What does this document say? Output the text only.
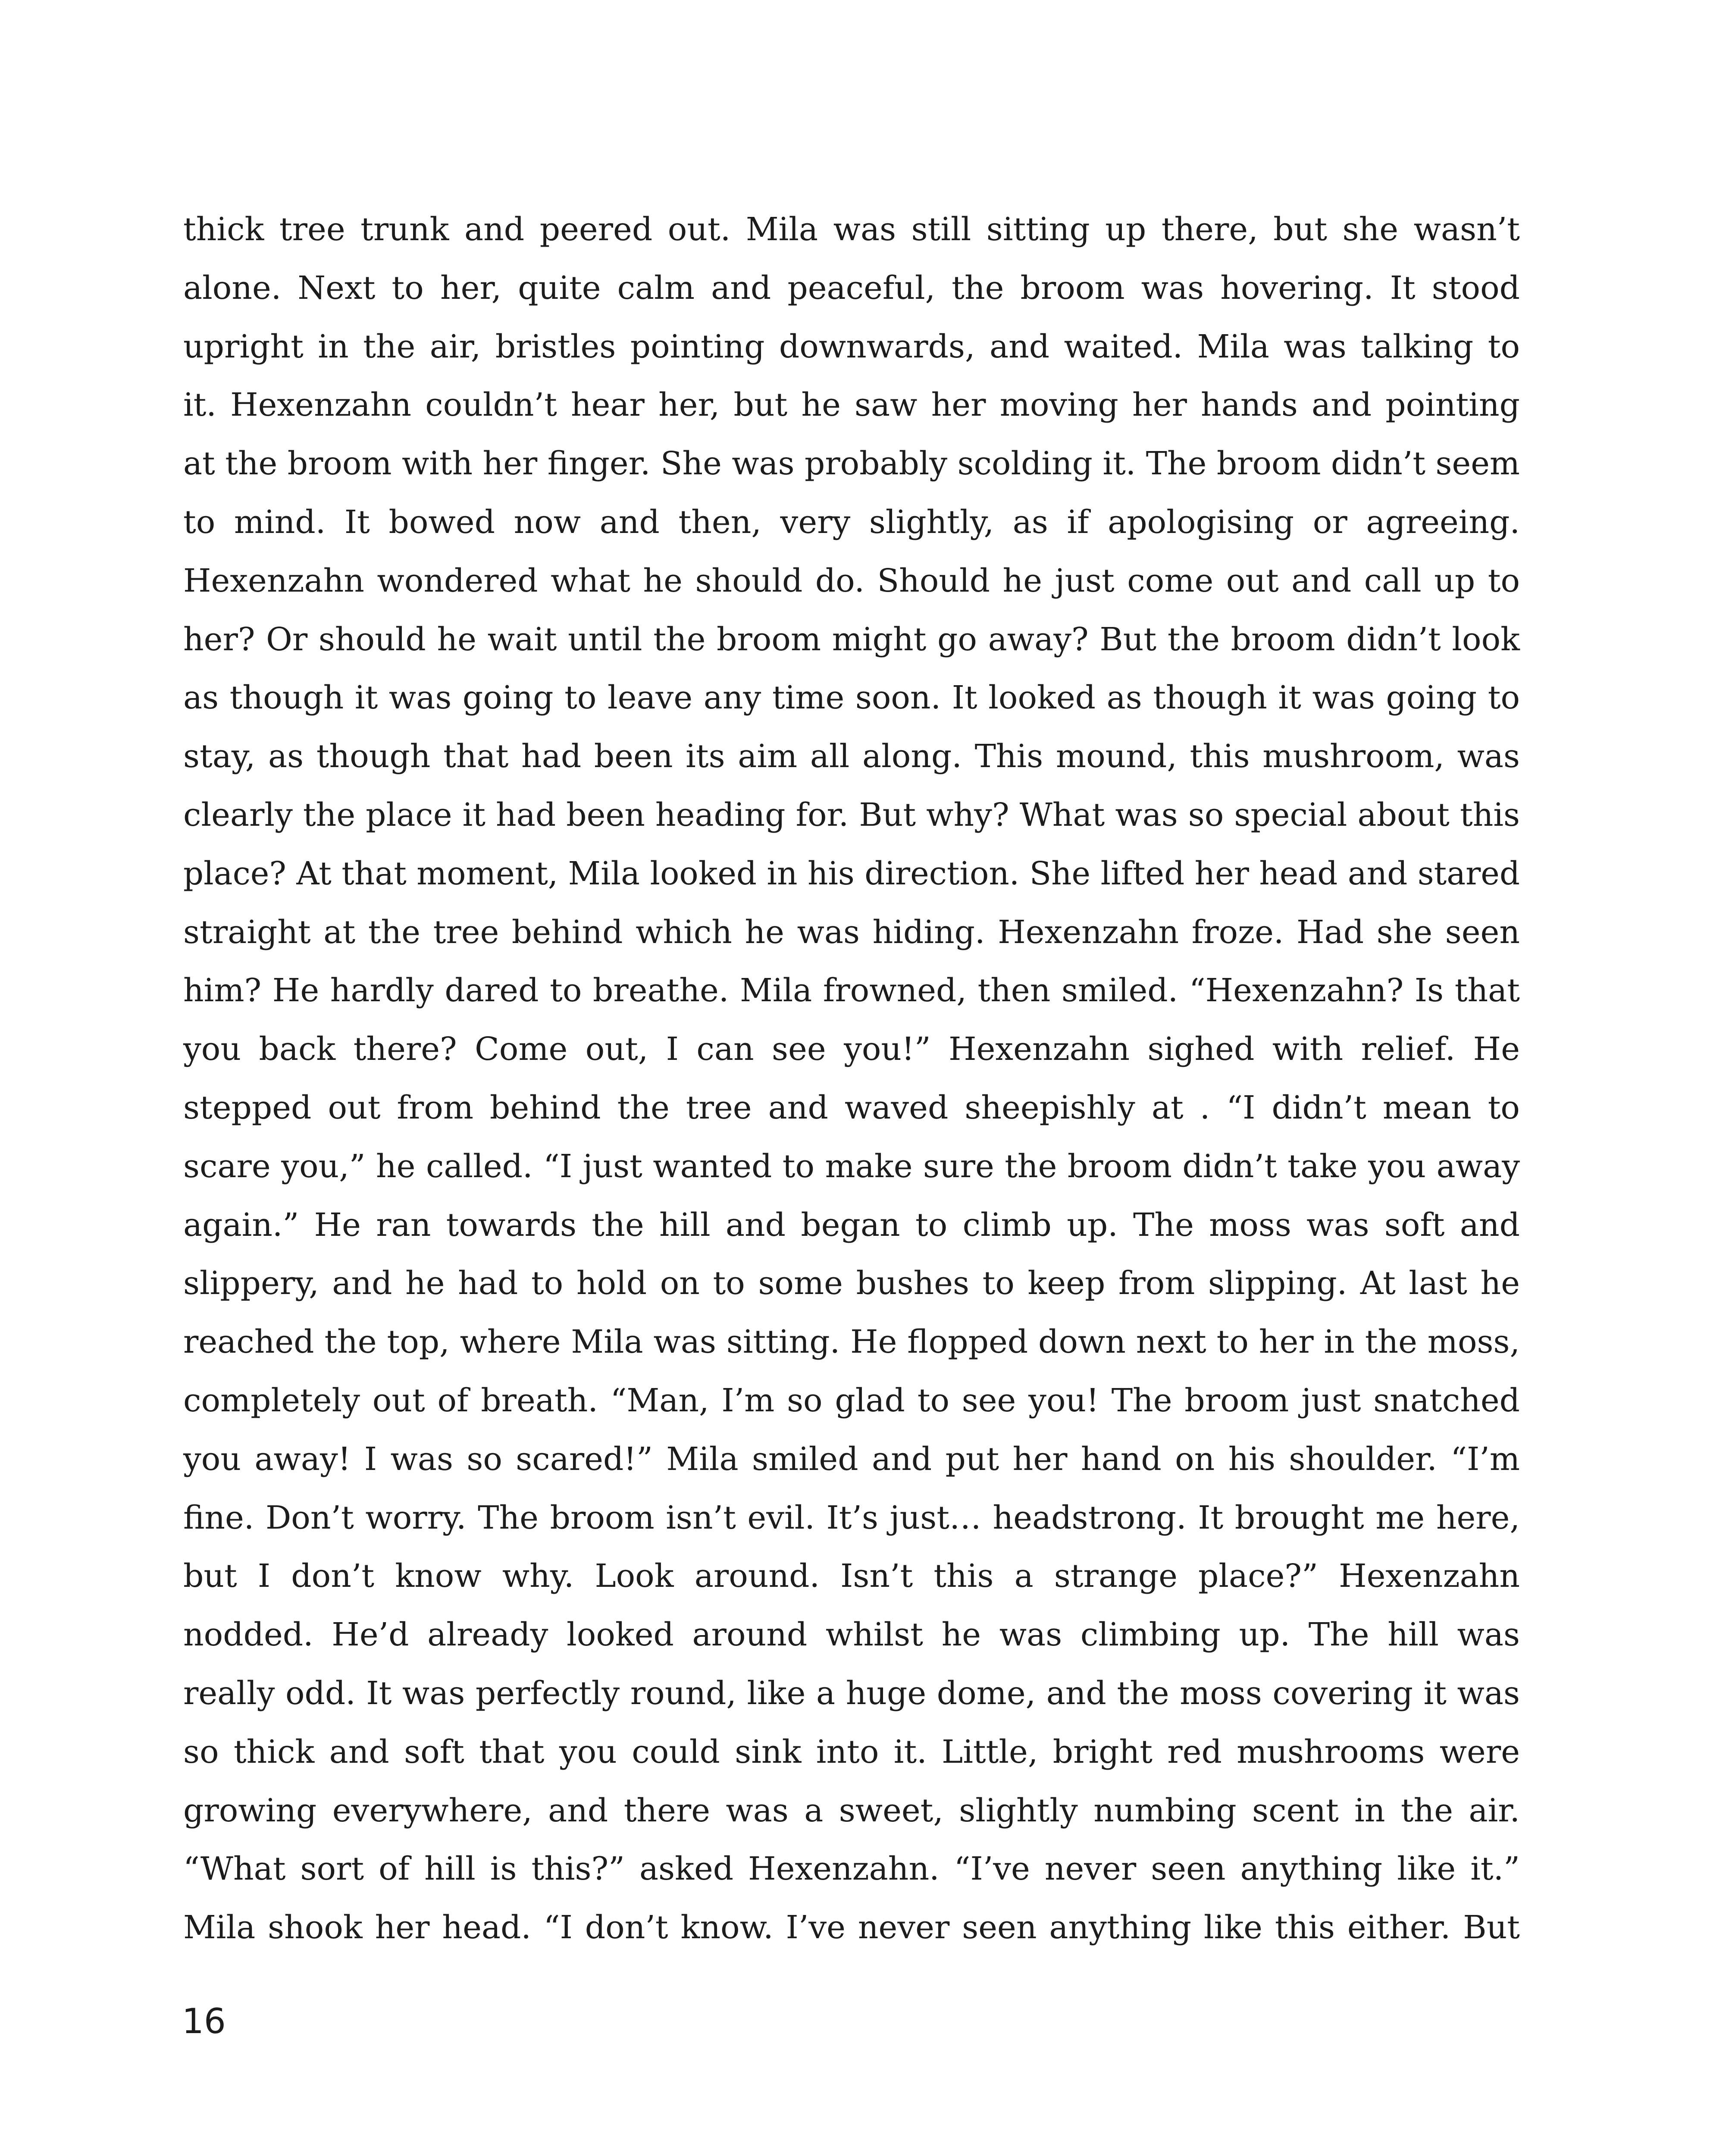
thick tree trunk and peered out. Mila was still sitting up there, but she wasn’t
alone. Next to her, quite calm and peaceful, the broom was hovering. It stood
upright in the air, bristles pointing downwards, and waited. Mila was talking to
it. Hexenzahn couldn’t hear her, but he saw her moving her hands and pointing
at the broom with her finger. She was probably scolding it. The broom didn’t seem
to mind. It bowed now and then, very slightly, as if apologising or agreeing.
Hexenzahn wondered what he should do. Should he just come out and call up to
her? Or should he wait until the broom might go away? But the broom didn’t look
as though it was going to leave any time soon. It looked as though it was going to
stay, as though that had been its aim all along. This mound, this mushroom, was
clearly the place it had been heading for. But why? What was so special about this
place? At that moment, Mila looked in his direction. She lifted her head and stared
straight at the tree behind which he was hiding. Hexenzahn froze. Had she seen
him? He hardly dared to breathe. Mila frowned, then smiled. “Hexenzahn? Is that
you back there? Come out, I can see you!” Hexenzahn sighed with relief. He
stepped out from behind the tree and waved sheepishly at . “I didn’t mean to
scare you,” he called. “I just wanted to make sure the broom didn’t take you away
again.” He ran towards the hill and began to climb up. The moss was soft and
slippery, and he had to hold on to some bushes to keep from slipping. At last he
reached the top, where Mila was sitting. He flopped down next to her in the moss,
completely out of breath. “Man, I’m so glad to see you! The broom just snatched
you away! I was so scared!” Mila smiled and put her hand on his shoulder. “I’m
fine. Don’t worry. The broom isn’t evil. It’s just… headstrong. It brought me here,
but I don’t know why. Look around. Isn’t this a strange place?” Hexenzahn
nodded. He’d already looked around whilst he was climbing up. The hill was
really odd. It was perfectly round, like a huge dome, and the moss covering it was
so thick and soft that you could sink into it. Little, bright red mushrooms were
growing everywhere, and there was a sweet, slightly numbing scent in the air.
“What sort of hill is this?” asked Hexenzahn. “I’ve never seen anything like it.”
Mila shook her head. “I don’t know. I’ve never seen anything like this either. But
16
